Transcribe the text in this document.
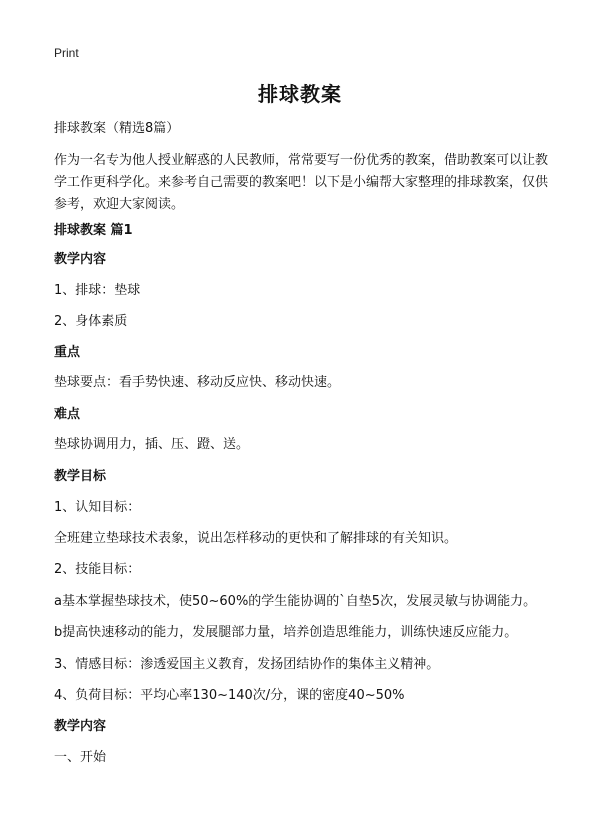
Print
排球教案
排球教案（精选8篇）
作为一名专为他人授业解惑的人民教师，常常要写一份优秀的教案，借助教案可以让教学工作更科学化。来参考自己需要的教案吧！以下是小编帮大家整理的排球教案，仅供参考，欢迎大家阅读。
排球教案 篇1
教学内容
1、排球：垫球
2、身体素质
重点
垫球要点：看手势快速、移动反应快、移动快速。
难点
垫球协调用力，插、压、蹬、送。
教学目标
1、认知目标：
全班建立垫球技术表象，说出怎样移动的更快和了解排球的有关知识。
2、技能目标：
a基本掌握垫球技术，使50~60%的学生能协调的`自垫5次，发展灵敏与协调能力。
b提高快速移动的能力，发展腿部力量，培养创造思维能力，训练快速反应能力。
3、情感目标：渗透爱国主义教育，发扬团结协作的集体主义精神。
4、负荷目标：平均心率130~140次/分，课的密度40~50%
教学内容
一、开始
